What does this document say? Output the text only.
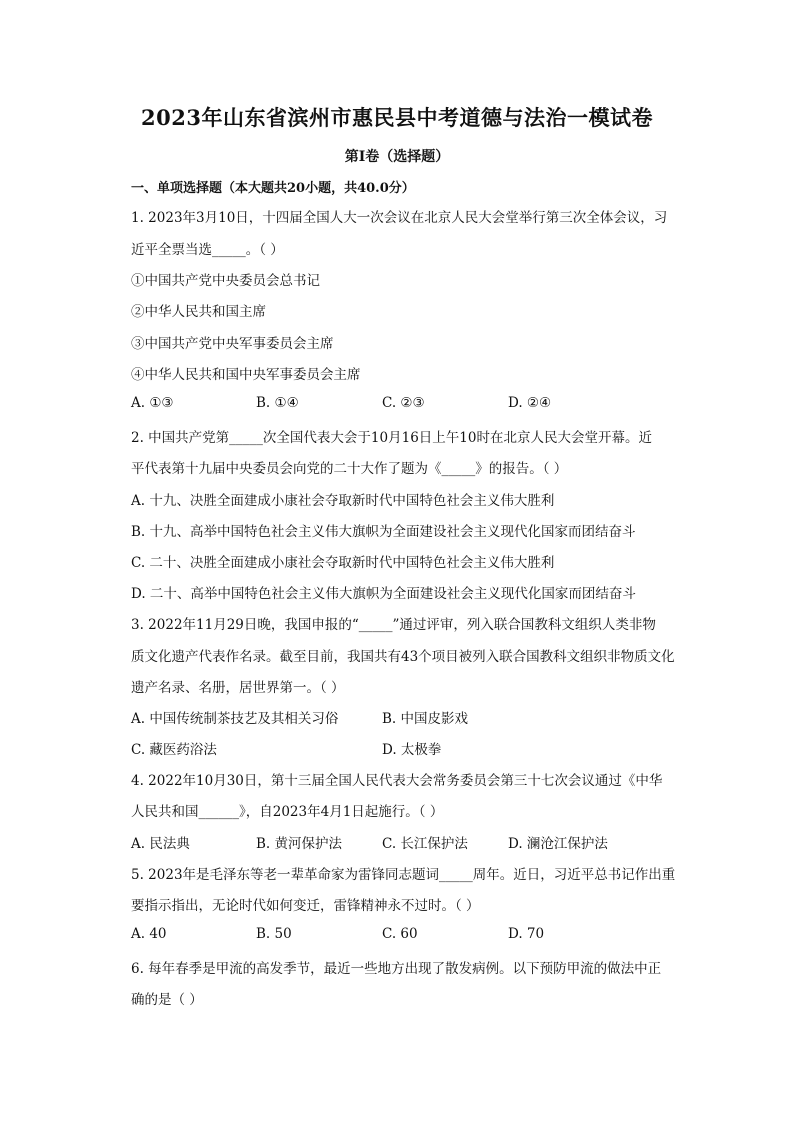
2023年山东省滨州市惠民县中考道德与法治一模试卷
第Ⅰ卷（选择题）
一、单项选择题（本大题共20小题，共40.0分）
1. 2023年3月10日，十四届全国人大一次会议在北京人民大会堂举行第三次全体会议，习
近平全票当选_____。（ ）
①中国共产党中央委员会总书记
②中华人民共和国主席
③中国共产党中央军事委员会主席
④中华人民共和国中央军事委员会主席
A. ①③	B. ①④	C. ②③	D. ②④
2. 中国共产党第_____次全国代表大会于10月16日上午10时在北京人民大会堂开幕。近
平代表第十九届中央委员会向党的二十大作了题为《_____》的报告。（ ）
A. 十九、决胜全面建成小康社会夺取新时代中国特色社会主义伟大胜利
B. 十九、高举中国特色社会主义伟大旗帜为全面建设社会主义现代化国家而团结奋斗
C. 二十、决胜全面建成小康社会夺取新时代中国特色社会主义伟大胜利
D. 二十、高举中国特色社会主义伟大旗帜为全面建设社会主义现代化国家而团结奋斗
3. 2022年11月29日晚，我国申报的“_____”通过评审，列入联合国教科文组织人类非物
质文化遗产代表作名录。截至目前，我国共有43个项目被列入联合国教科文组织非物质文化
遗产名录、名册，居世界第一。（ ）
A. 中国传统制茶技艺及其相关习俗	B. 中国皮影戏
C. 藏医药浴法	D. 太极拳
4. 2022年10月30日，第十三届全国人民代表大会常务委员会第三十七次会议通过《中华
人民共和国______》，自2023年4月1日起施行。（ ）
A. 民法典	B. 黄河保护法	C. 长江保护法	D. 澜沧江保护法
5. 2023年是毛泽东等老一辈革命家为雷锋同志题词_____周年。近日，习近平总书记作出重
要指示指出，无论时代如何变迁，雷锋精神永不过时。（ ）
A. 40	B. 50	C. 60	D. 70
6. 每年春季是甲流的高发季节，最近一些地方出现了散发病例。以下预防甲流的做法中正
确的是（ ）
